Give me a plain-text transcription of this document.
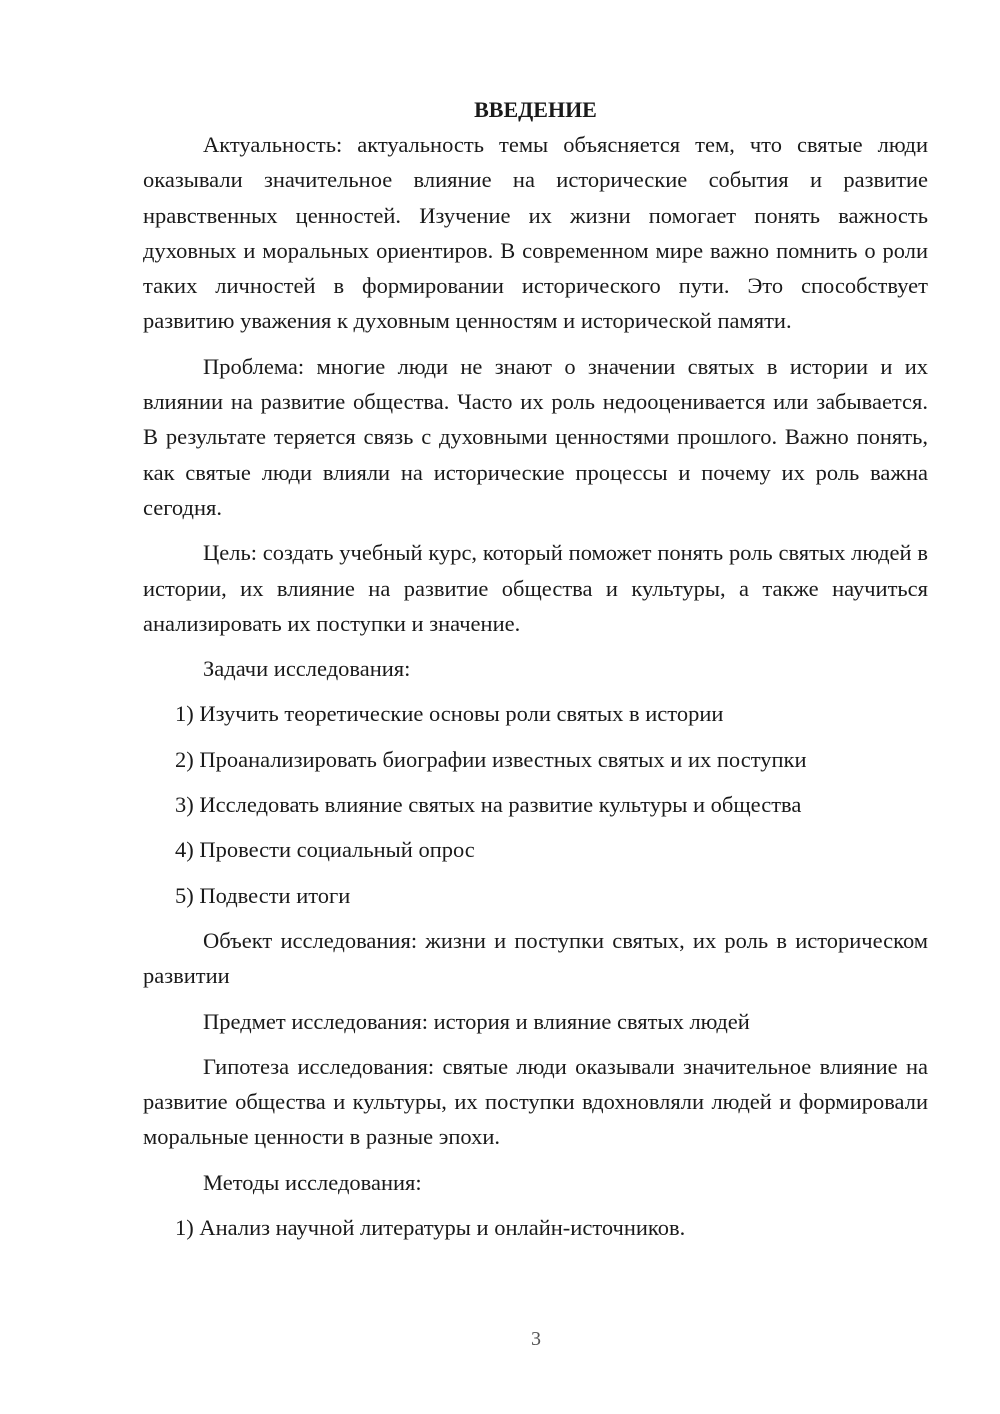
ВВЕДЕНИЕ

Актуальность: актуальность темы объясняется тем, что святые люди оказывали значительное влияние на исторические события и развитие нравственных ценностей. Изучение их жизни помогает понять важность духовных и моральных ориентиров. В современном мире важно помнить о роли таких личностей в формировании исторического пути. Это способствует развитию уважения к духовным ценностям и исторической памяти.

Проблема: многие люди не знают о значении святых в истории и их влиянии на развитие общества. Часто их роль недооценивается или забывается. В результате теряется связь с духовными ценностями прошлого. Важно понять, как святые люди влияли на исторические процессы и почему их роль важна сегодня.

Цель: создать учебный курс, который поможет понять роль святых людей в истории, их влияние на развитие общества и культуры, а также научиться анализировать их поступки и значение.

Задачи исследования:

1) Изучить теоретические основы роли святых в истории

2) Проанализировать биографии известных святых и их поступки

3) Исследовать влияние святых на развитие культуры и общества

4) Провести социальный опрос

5) Подвести итоги

Объект исследования: жизни и поступки святых, их роль в историческом развитии

Предмет исследования: история и влияние святых людей

Гипотеза исследования: святые люди оказывали значительное влияние на развитие общества и культуры, их поступки вдохновляли людей и формировали моральные ценности в разные эпохи.

Методы исследования:

1) Анализ научной литературы и онлайн-источников.

3
